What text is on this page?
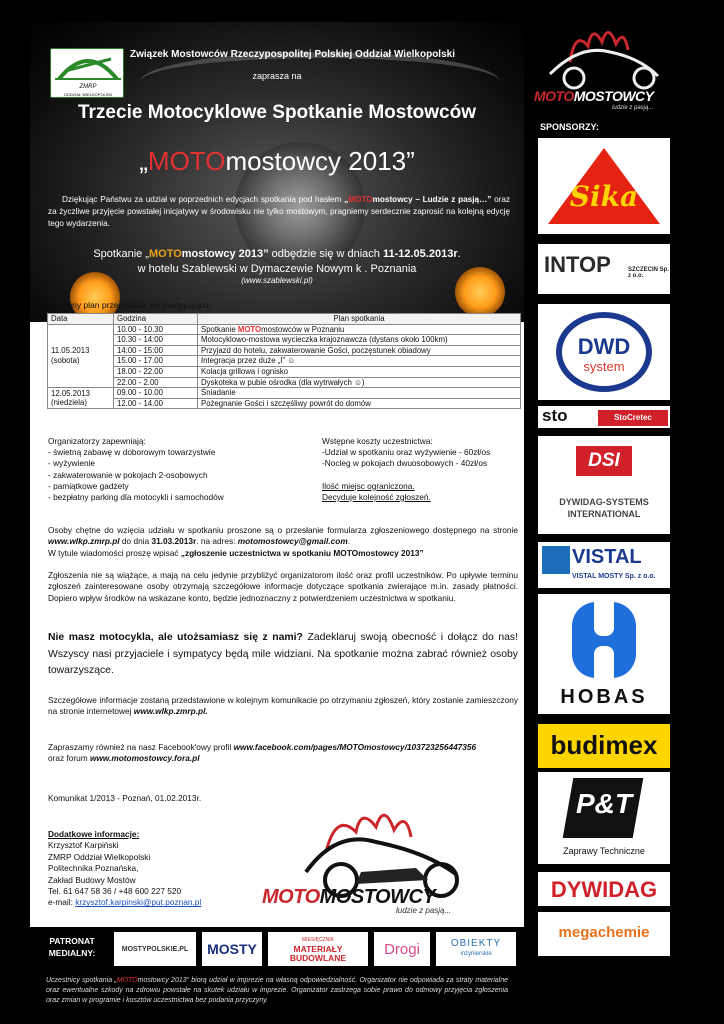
ZMRP
ODDZIAŁ WIELKOPOLSKI
Związek Mostowców Rzeczypospolitej Polskiej Oddział Wielkopolski
zaprasza na
Trzecie Motocyklowe Spotkanie Mostowców
„MOTOmostowcy 2013”
Dziękując Państwu za udział w poprzednich edycjach spotkania pod hasłem „MOTOmostowcy – Ludzie z pasją…” oraz za życzliwe przyjęcie powstałej inicjatywy w środowisku nie tylko mostowym, pragniemy serdecznie zaprosić na kolejną edycję tego wydarzenia.
Spotkanie „MOTOmostowcy 2013” odbędzie się w dniach 11-12.05.2013r.
w hotelu Szablewski w Dymaczewie Nowym k . Poznania
(www.szablewski.pl)
Wstępny plan przedstawia się następująco:
Data	Godzina	Plan spotkania
11.05.2013
(sobota)	10.00 - 10.30	Spotkanie MOTOmostowców w Poznaniu
	10.30 - 14:00	Motocyklowo-mostowa wycieczka krajoznawcza (dystans około 100km)
	14:00 - 15:00	Przyjazd do hotelu, zakwaterowanie Gości, poczęstunek obiadowy
	15.00 - 17.00	Integracja przez duże „I” ☺
	18.00 - 22.00	Kolacja grillowa i ognisko
	22.00 - 2.00	Dyskoteka w pubie ośrodka (dla wytrwałych ☺)
12.05.2013
(niedziela)	09.00 - 10.00	Śniadanie
	12.00 - 14.00	Pożegnanie Gości i szczęśliwy powrót do domów
Organizatorzy zapewniają:
- świetną zabawę w doborowym towarzystwie
- wyżywienie
- zakwaterowanie w pokojach 2-osobowych
- pamiątkowe gadżety
- bezpłatny parking dla motocykli i samochodów
Wstępne koszty uczestnictwa:
-Udział w spotkaniu oraz wyżywienie - 60zł/os
-Nocleg w pokojach dwuosobowych - 40zł/os
Ilość miejsc ograniczona.
Decyduje kolejność zgłoszeń.
Osoby chętne do wzięcia udziału w spotkaniu proszone są o przesłanie formularza zgłoszeniowego dostępnego na stronie www.wlkp.zmrp.pl do dnia 31.03.2013r. na adres: motomostowcy@gmail.com.
W tytule wiadomości proszę wpisać „zgłoszenie uczestnictwa w spotkaniu MOTOmostowcy 2013”
Zgłoszenia nie są wiążące, a mają na celu jedynie przybliżyć organizatorom ilość oraz profil uczestników. Po upływie terminu zgłoszeń zainteresowane osoby otrzymają szczegółowe informacje dotyczące spotkania zwierające m.in. zasady płatności. Dopiero wpływ środków na wskazane konto, będzie jednoznaczny z potwierdzeniem uczestnictwa w spotkaniu.
Nie masz motocykla, ale utożsamiasz się z nami? Zadeklaruj swoją obecność i dołącz do nas! Wszyscy nasi przyjaciele i sympatycy będą mile widziani. Na spotkanie można zabrać również osoby towarzyszące.
Szczegółowe informacje zostaną przedstawione w kolejnym komunikacie po otrzymaniu zgłoszeń, który zostanie zamieszczony na stronie internetowej www.wlkp.zmrp.pl.
Zapraszamy również na nasz Facebook'owy profil www.facebook.com/pages/MOTOmostowcy/103723256447356
oraz forum www.motomostowcy.fora.pl
Komunikat 1/2013 - Poznań, 01.02.2013r.
Dodatkowe informacje:
Krzysztof Karpiński
ZMRP Oddział Wielkopolski
Politechnika Poznańska,
Zakład Budowy Mostów
Tel. 61 647 58 36 / +48 600 227 520
e-mail: krzysztof.karpinski@put.poznan.pl	MOTOMOSTOWCY
ludzie z pasją...
PATRONAT MEDIALNY:	MOSTYPOLSKIE.PL MOSTY
MIESIĘCZNIK
MATERIAŁY BUDOWLANE	Drogi	OBIEKTY
inżynierskie
Uczestnicy spotkania „MOTOmostowcy 2013” biorą udział w imprezie na własną odpowiedzialność. Organizator nie odpowiada za straty materialne oraz ewentualne szkody na zdrowiu powstałe na skutek udziału w imprezie. Organizator zastrzega sobie prawo do odmowy przyjęcia zgłoszenia oraz zmian w programie i kosztów uczestnictwa bez podania przyczyny.
MOTOMOSTOWCY
ludzie z pasją...
SPONSORZY:
Sika
INTOP	SZCZECIN Sp. z o.o.
DWD
system
sto	StoCretec
DSI
DYWIDAG-SYSTEMS INTERNATIONAL
VISTAL
VISTAL MOSTY Sp. z o.o.
HOBAS
budimex
P&T
Zaprawy Techniczne
DYWIDAG
megachemie
